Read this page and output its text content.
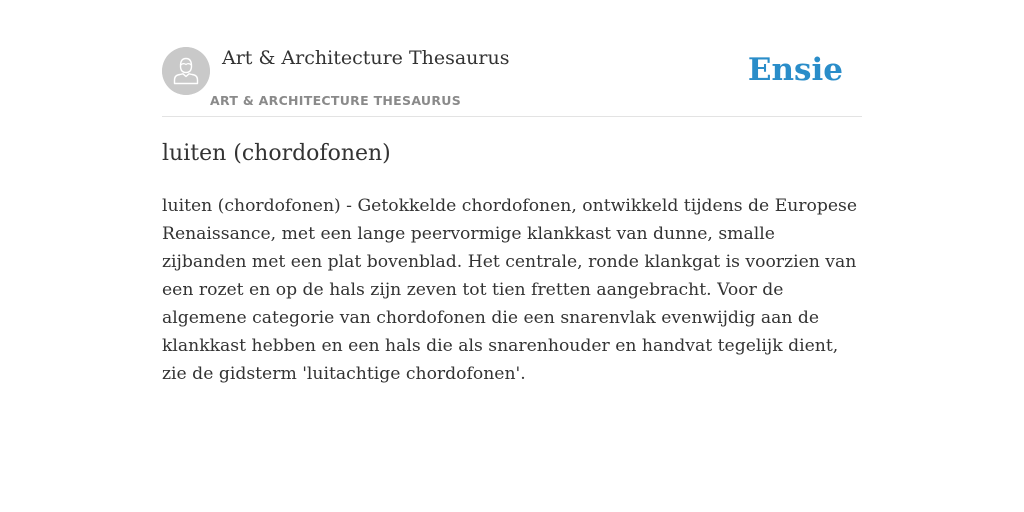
Art & Architecture Thesaurus
ART & ARCHITECTURE THESAURUS
Ensie
luiten (chordofonen)

luiten (chordofonen) - Getokkelde chordofonen, ontwikkeld tijdens de Europese Renaissance, met een lange peervormige klankkast van dunne, smalle zijbanden met een plat bovenblad. Het centrale, ronde klankgat is voorzien van een rozet en op de hals zijn zeven tot tien fretten aangebracht. Voor de algemene categorie van chordofonen die een snarenvlak evenwijdig aan de klankkast hebben en een hals die als snarenhouder en handvat tegelijk dient, zie de gidsterm 'luitachtige chordofonen'.
